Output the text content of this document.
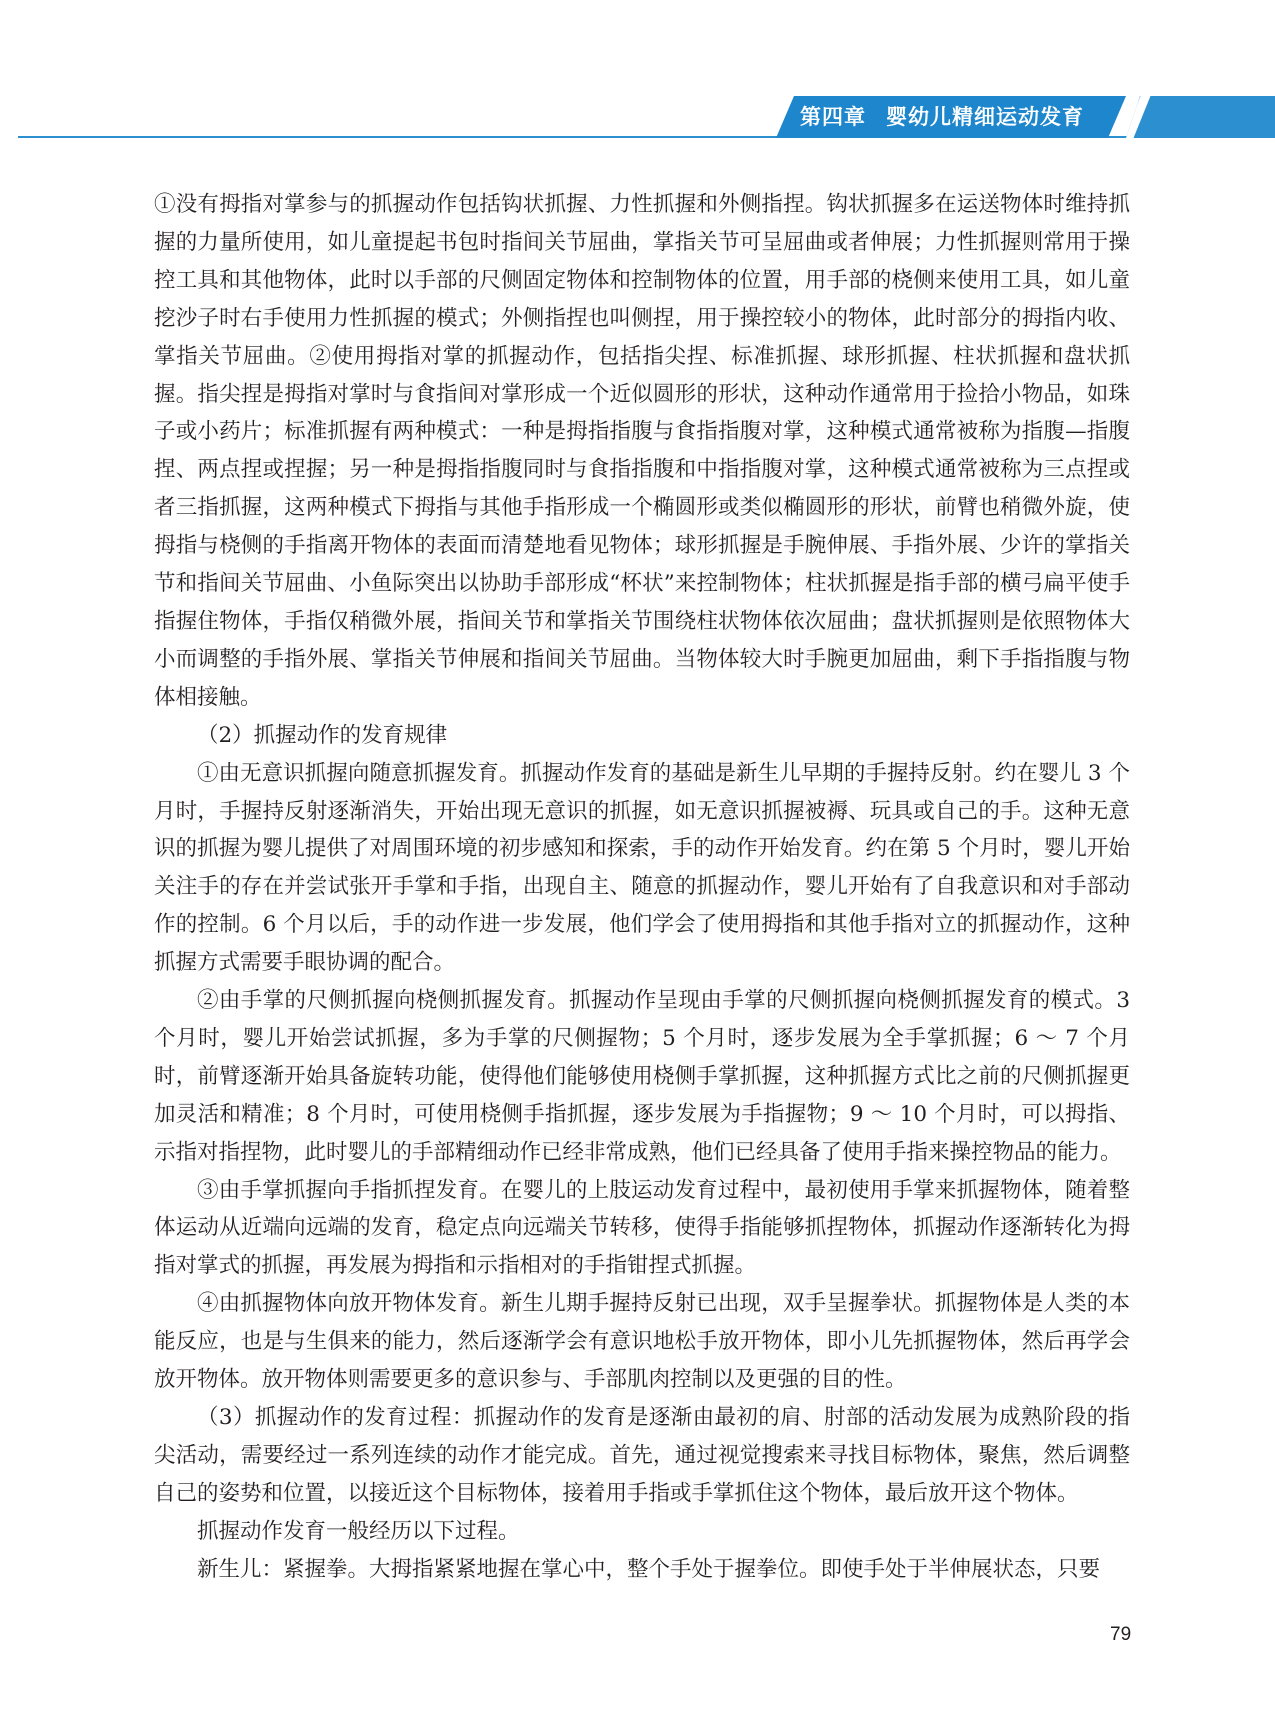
第四章 婴幼儿精细运动发育

①没有拇指对掌参与的抓握动作包括钩状抓握、力性抓握和外侧指捏。钩状抓握多在运送物体时维持抓握的力量所使用，如儿童提起书包时指间关节屈曲，掌指关节可呈屈曲或者伸展；力性抓握则常用于操控工具和其他物体，此时以手部的尺侧固定物体和控制物体的位置，用手部的桡侧来使用工具，如儿童挖沙子时右手使用力性抓握的模式；外侧指捏也叫侧捏，用于操控较小的物体，此时部分的拇指内收、掌指关节屈曲。②使用拇指对掌的抓握动作，包括指尖捏、标准抓握、球形抓握、柱状抓握和盘状抓握。指尖捏是拇指对掌时与食指间对掌形成一个近似圆形的形状，这种动作通常用于捡拾小物品，如珠子或小药片；标准抓握有两种模式：一种是拇指指腹与食指指腹对掌，这种模式通常被称为指腹—指腹捏、两点捏或捏握；另一种是拇指指腹同时与食指指腹和中指指腹对掌，这种模式通常被称为三点捏或者三指抓握，这两种模式下拇指与其他手指形成一个椭圆形或类似椭圆形的形状，前臂也稍微外旋，使拇指与桡侧的手指离开物体的表面而清楚地看见物体；球形抓握是手腕伸展、手指外展、少许的掌指关节和指间关节屈曲、小鱼际突出以协助手部形成“杯状”来控制物体；柱状抓握是指手部的横弓扁平使手指握住物体，手指仅稍微外展，指间关节和掌指关节围绕柱状物体依次屈曲；盘状抓握则是依照物体大小而调整的手指外展、掌指关节伸展和指间关节屈曲。当物体较大时手腕更加屈曲，剩下手指指腹与物体相接触。

（2）抓握动作的发育规律

①由无意识抓握向随意抓握发育。抓握动作发育的基础是新生儿早期的手握持反射。约在婴儿 3 个月时，手握持反射逐渐消失，开始出现无意识的抓握，如无意识抓握被褥、玩具或自己的手。这种无意识的抓握为婴儿提供了对周围环境的初步感知和探索，手的动作开始发育。约在第 5 个月时，婴儿开始关注手的存在并尝试张开手掌和手指，出现自主、随意的抓握动作，婴儿开始有了自我意识和对手部动作的控制。6 个月以后，手的动作进一步发展，他们学会了使用拇指和其他手指对立的抓握动作，这种抓握方式需要手眼协调的配合。

②由手掌的尺侧抓握向桡侧抓握发育。抓握动作呈现由手掌的尺侧抓握向桡侧抓握发育的模式。3 个月时，婴儿开始尝试抓握，多为手掌的尺侧握物；5 个月时，逐步发展为全手掌抓握；6 ～ 7 个月时，前臂逐渐开始具备旋转功能，使得他们能够使用桡侧手掌抓握，这种抓握方式比之前的尺侧抓握更加灵活和精准；8 个月时，可使用桡侧手指抓握，逐步发展为手指握物；9 ～ 10 个月时，可以拇指、示指对指捏物，此时婴儿的手部精细动作已经非常成熟，他们已经具备了使用手指来操控物品的能力。

③由手掌抓握向手指抓捏发育。在婴儿的上肢运动发育过程中，最初使用手掌来抓握物体，随着整体运动从近端向远端的发育，稳定点向远端关节转移，使得手指能够抓捏物体，抓握动作逐渐转化为拇指对掌式的抓握，再发展为拇指和示指相对的手指钳捏式抓握。

④由抓握物体向放开物体发育。新生儿期手握持反射已出现，双手呈握拳状。抓握物体是人类的本能反应，也是与生俱来的能力，然后逐渐学会有意识地松手放开物体，即小儿先抓握物体，然后再学会放开物体。放开物体则需要更多的意识参与、手部肌肉控制以及更强的目的性。

（3）抓握动作的发育过程：抓握动作的发育是逐渐由最初的肩、肘部的活动发展为成熟阶段的指尖活动，需要经过一系列连续的动作才能完成。首先，通过视觉搜索来寻找目标物体，聚焦，然后调整自己的姿势和位置，以接近这个目标物体，接着用手指或手掌抓住这个物体，最后放开这个物体。

抓握动作发育一般经历以下过程。

新生儿：紧握拳。大拇指紧紧地握在掌心中，整个手处于握拳位。即使手处于半伸展状态，只要

79
